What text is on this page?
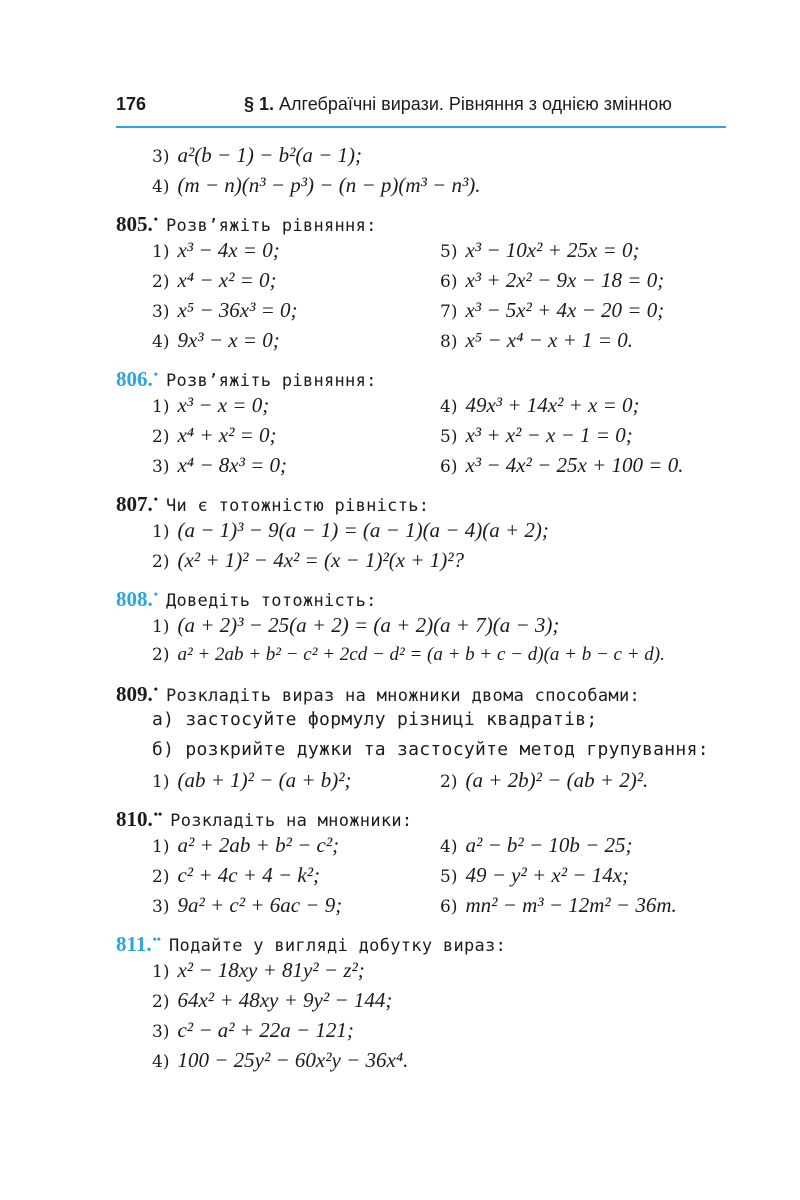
176	§ 1. Алгебраїчні вирази. Рівняння з однією змінною
3) a²(b − 1) − b²(a − 1);
4) (m − n)(n³ − p³) − (n − p)(m³ − n³).
805.• Розв’яжіть рівняння:
1) x³ − 4x = 0;	5) x³ − 10x² + 25x = 0;
2) x⁴ − x² = 0;	6) x³ + 2x² − 9x − 18 = 0;
3) x⁵ − 36x³ = 0;	7) x³ − 5x² + 4x − 20 = 0;
4) 9x³ − x = 0;	8) x⁵ − x⁴ − x + 1 = 0.
806.• Розв’яжіть рівняння:
1) x³ − x = 0;	4) 49x³ + 14x² + x = 0;
2) x⁴ + x² = 0;	5) x³ + x² − x − 1 = 0;
3) x⁴ − 8x³ = 0;	6) x³ − 4x² − 25x + 100 = 0.
807.• Чи є тотожністю рівність:
1) (a − 1)³ − 9(a − 1) = (a − 1)(a − 4)(a + 2);
2) (x² + 1)² − 4x² = (x − 1)²(x + 1)²?
808.• Доведіть тотожність:
1) (a + 2)³ − 25(a + 2) = (a + 2)(a + 7)(a − 3);
2) a² + 2ab + b² − c² + 2cd − d² = (a + b + c − d)(a + b − c + d).
809.• Розкладіть вираз на множники двома способами:
а) застосуйте формулу різниці квадратів;
б) розкрийте дужки та застосуйте метод групування:
1) (ab + 1)² − (a + b)²;	2) (a + 2b)² − (ab + 2)².
810.•• Розкладіть на множники:
1) a² + 2ab + b² − c²;	4) a² − b² − 10b − 25;
2) c² + 4c + 4 − k²;	5) 49 − y² + x² − 14x;
3) 9a² + c² + 6ac − 9;	6) mn² − m³ − 12m² − 36m.
811.•• Подайте у вигляді добутку вираз:
1) x² − 18xy + 81y² − z²;
2) 64x² + 48xy + 9y² − 144;
3) c² − a² + 22a − 121;
4) 100 − 25y² − 60x²y − 36x⁴.
